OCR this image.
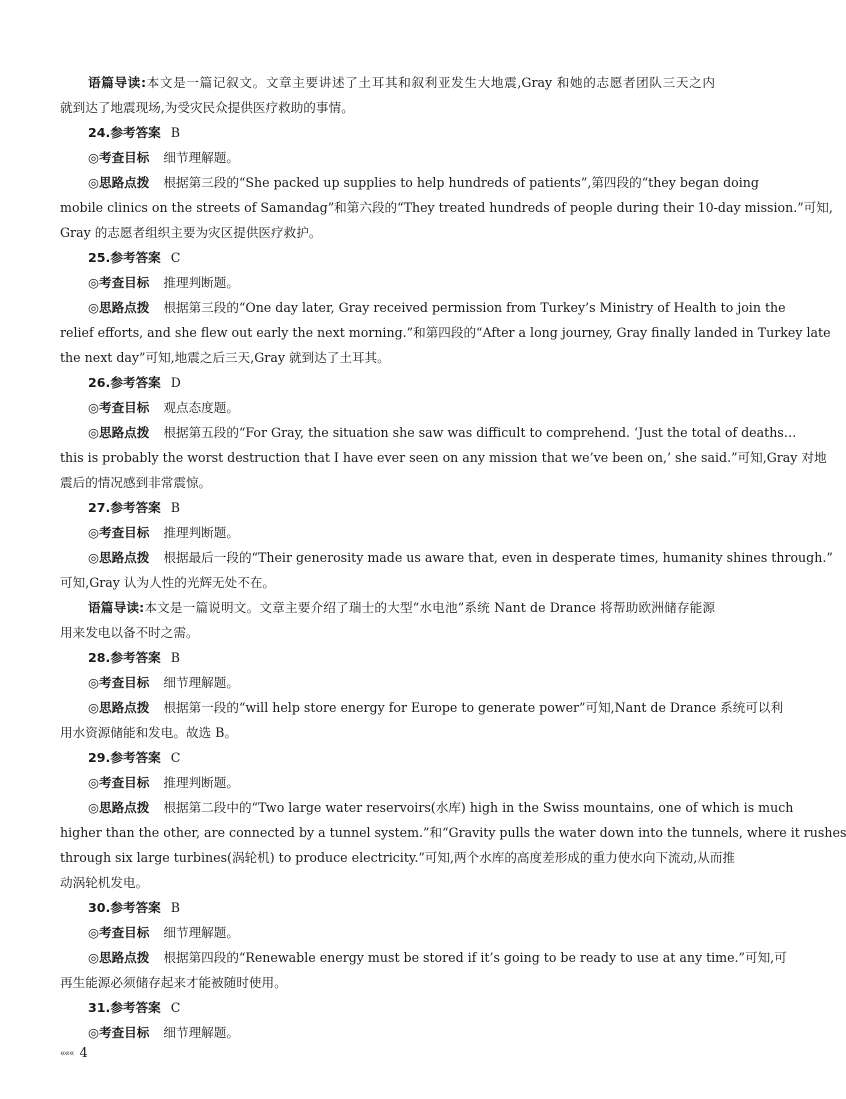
语篇导读:本文是一篇记叙文。文章主要讲述了土耳其和叙利亚发生大地震,Gray 和她的志愿者团队三天之内
就到达了地震现场,为受灾民众提供医疗救助的事情。
24.参考答案 B
◎考查目标 细节理解题。
◎思路点拨 根据第三段的“She packed up supplies to help hundreds of patients”,第四段的“they began doing
mobile clinics on the streets of Samandag”和第六段的“They treated hundreds of people during their 10-day mission.”可知,
Gray 的志愿者组织主要为灾区提供医疗救护。
25.参考答案 C
◎考查目标 推理判断题。
◎思路点拨 根据第三段的“One day later, Gray received permission from Turkey’s Ministry of Health to join the
relief efforts, and she flew out early the next morning.”和第四段的“After a long journey, Gray finally landed in Turkey late
the next day”可知,地震之后三天,Gray 就到达了土耳其。
26.参考答案 D
◎考查目标 观点态度题。
◎思路点拨 根据第五段的“For Gray, the situation she saw was difficult to comprehend. ‘Just the total of deaths…
this is probably the worst destruction that I have ever seen on any mission that we’ve been on,’ she said.”可知,Gray 对地
震后的情况感到非常震惊。
27.参考答案 B
◎考查目标 推理判断题。
◎思路点拨 根据最后一段的“Their generosity made us aware that, even in desperate times, humanity shines through.”
可知,Gray 认为人性的光辉无处不在。
语篇导读:本文是一篇说明文。文章主要介绍了瑞士的大型“水电池”系统 Nant de Drance 将帮助欧洲储存能源
用来发电以备不时之需。
28.参考答案 B
◎考查目标 细节理解题。
◎思路点拨 根据第一段的“will help store energy for Europe to generate power”可知,Nant de Drance 系统可以利
用水资源储能和发电。故选 B。
29.参考答案 C
◎考查目标 推理判断题。
◎思路点拨 根据第二段中的“Two large water reservoirs(水库) high in the Swiss mountains, one of which is much
higher than the other, are connected by a tunnel system.”和“Gravity pulls the water down into the tunnels, where it rushes
through six large turbines(涡轮机) to produce electricity.”可知,两个水库的高度差形成的重力使水向下流动,从而推
动涡轮机发电。
30.参考答案 B
◎考查目标 细节理解题。
◎思路点拨 根据第四段的“Renewable energy must be stored if it’s going to be ready to use at any time.”可知,可
再生能源必须储存起来才能被随时使用。
31.参考答案 C
◎考查目标 细节理解题。
««« 4
